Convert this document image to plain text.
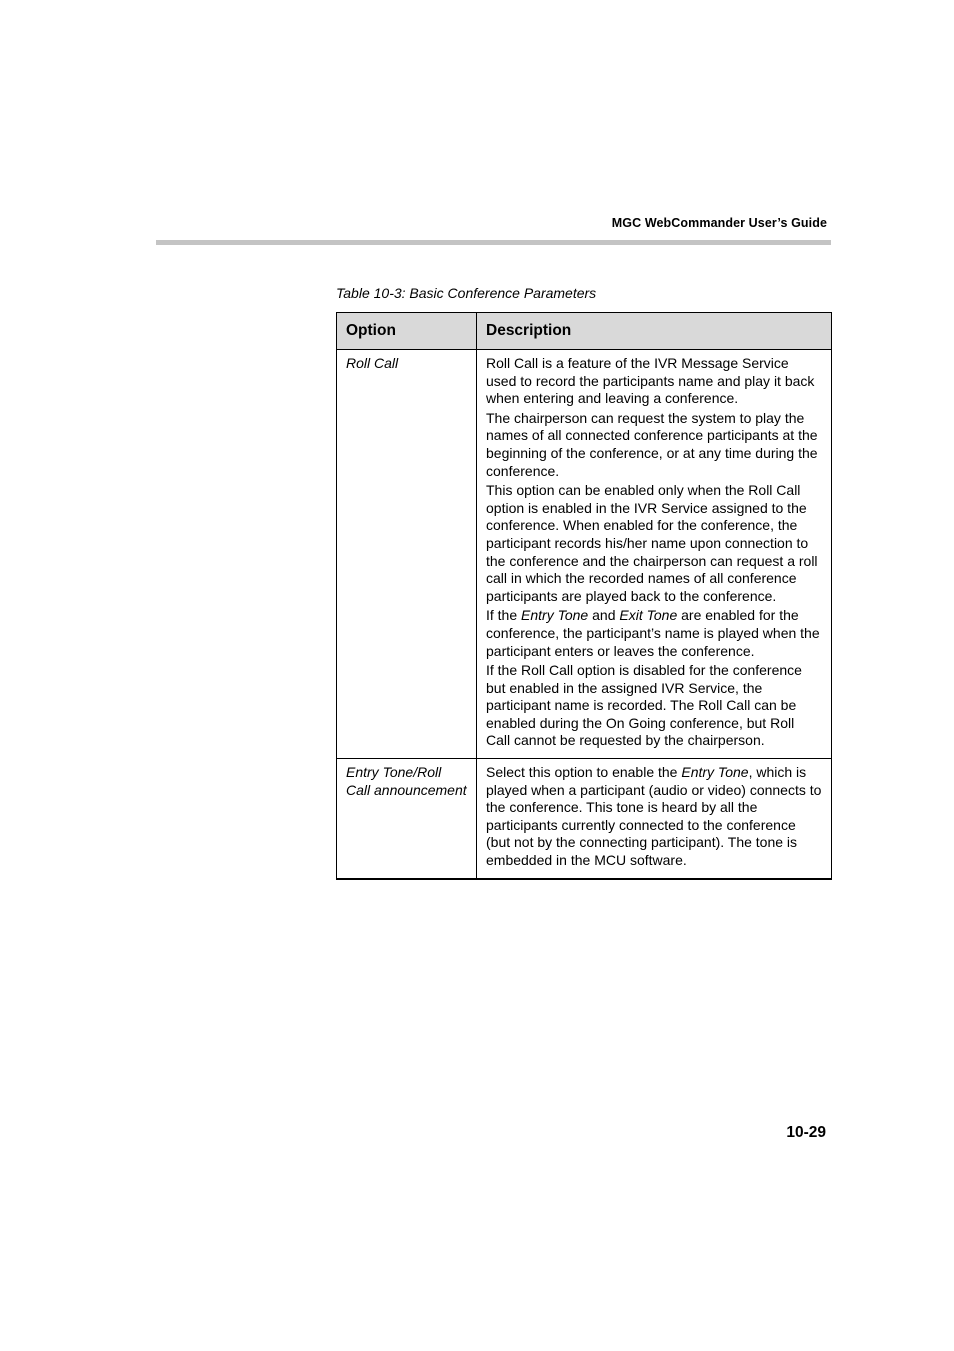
MGC WebCommander User’s Guide
Table 10-3: Basic Conference Parameters
Option	Description
Roll Call	Roll Call is a feature of the IVR Message Service used to record the participants name and play it back when entering and leaving a conference.

The chairperson can request the system to play the names of all connected conference participants at the beginning of the conference, or at any time during the conference.

This option can be enabled only when the Roll Call option is enabled in the IVR Service assigned to the conference. When enabled for the conference, the participant records his/her name upon connection to the conference and the chairperson can request a roll call in which the recorded names of all conference participants are played back to the conference.

If the Entry Tone and Exit Tone are enabled for the conference, the participant’s name is played when the participant enters or leaves the conference.

If the Roll Call option is disabled for the conference but enabled in the assigned IVR Service, the participant name is recorded. The Roll Call can be enabled during the On Going conference, but Roll Call cannot be requested by the chairperson.

Entry Tone/Roll Call announcement	Select this option to enable the Entry Tone, which is played when a participant (audio or video) connects to the conference. This tone is heard by all the participants currently connected to the conference (but not by the connecting participant). The tone is embedded in the MCU software.

10-29
